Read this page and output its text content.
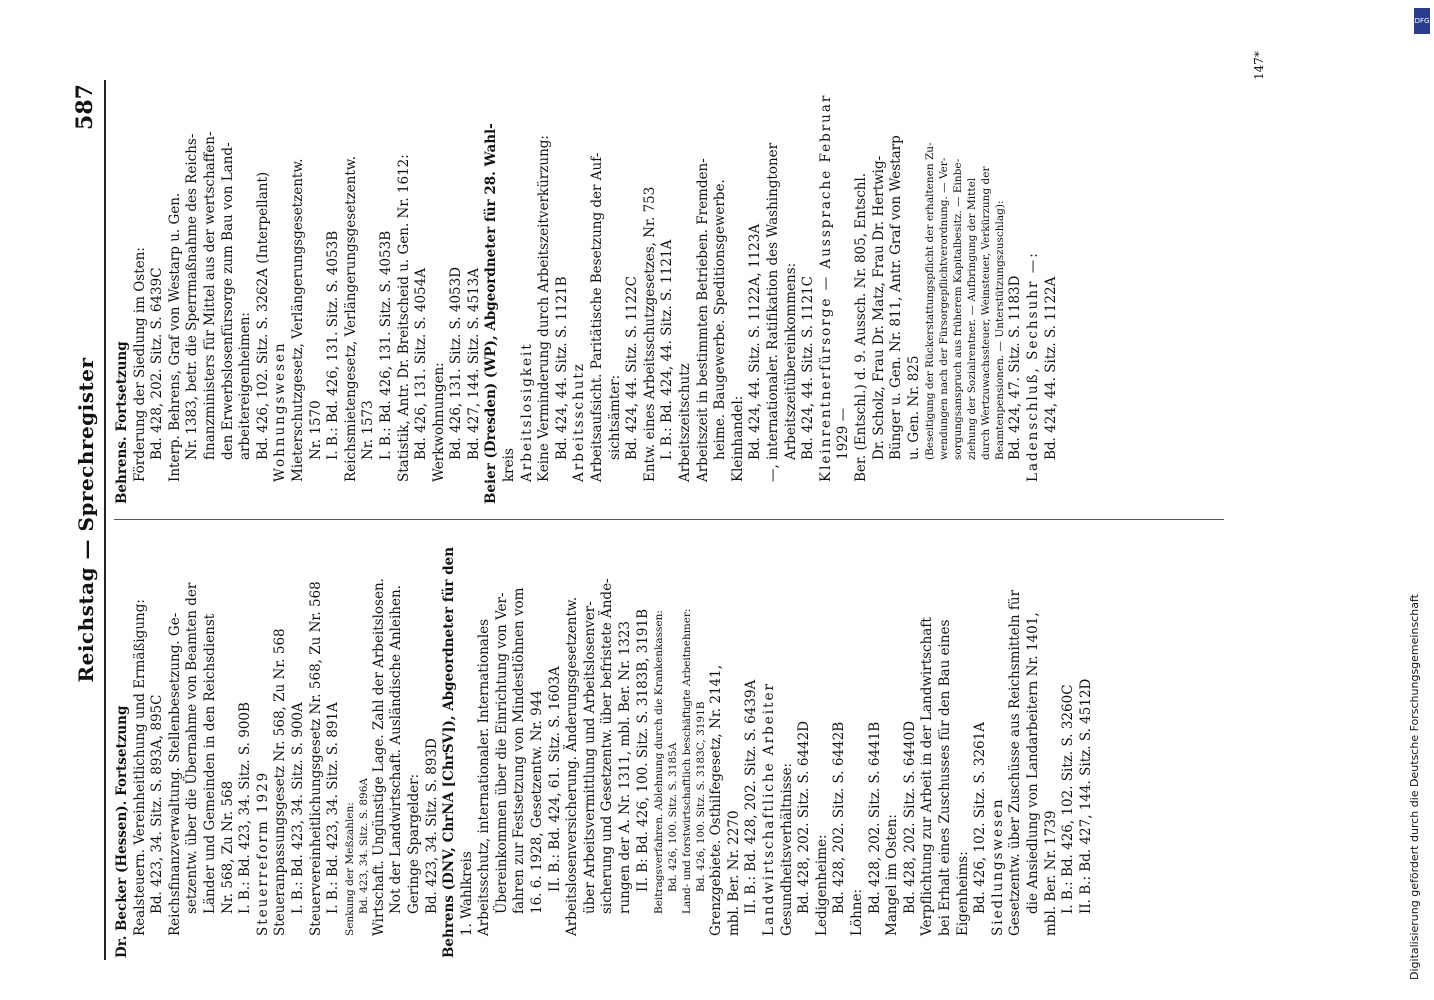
Reichstag — Sprechregister
587
Dr. Becker (Hessen). Fortsetzung Realsteuern. Vereinheitlichung und Ermäßigung: Bd. 423, 34. Sitz. S. 893A, 895C Reichsfinanzverwaltung. Stellenbesetzung. Ge- setzentw. über die Übernahme von Beamten der Länder und Gemeinden in den Reichsdienst Nr. 568, Zu Nr. 568 I. B.: Bd. 423, 34. Sitz. S. 900B Steuerreform 1929 Steueranpassungsgesetz Nr. 568, Zu Nr. 568 I. B.: Bd. 423, 34. Sitz. S. 900A Steuervereinheitlichungsgesetz Nr. 568, Zu Nr. 568 I. B.: Bd. 423, 34. Sitz. S. 891A Senkung der Meßzahlen: Bd. 423, 34. Sitz. S. 896A Wirtschaft. Ungünstige Lage. Zahl der Arbeitslosen. Not der Landwirtschaft. Ausländische Anleihen. Geringe Spargelder: Bd. 423, 34. Sitz. S. 893D Behrens (DNV, ChrNA [ChrSV]), Abgeordneter für den 1. Wahlkreis Arbeitsschutz, internationaler. Internationales Übereinkommen über die Einrichtung von Ver- fahren zur Festsetzung von Mindestlöhnen vom 16. 6. 1928, Gesetzentw. Nr. 944 II. B.: Bd. 424, 61. Sitz. S. 1603A Arbeitslosenversicherung. Änderungsgesetzentw. über Arbeitsvermittlung und Arbeitslosenver- sicherung und Gesetzentw. über befristete Ände- rungen der A. Nr. 1311, mbl. Ber. Nr. 1323 II. B: Bd. 426, 100. Sitz. S. 3183B, 3191B Beitragsverfahren. Ablehnung durch die Krankenkassen: Bd. 426, 100. Sitz. S. 3185A Land- und forstwirtschaftlich beschäftigte Arbeitnehmer: Bd. 426, 100. Sitz. S. 3183C, 3191B Grenzgebiete. Osthilfegesetz, Nr. 2141, mbl. Ber. Nr. 2270 II. B.: Bd. 428, 202. Sitz. S. 6439A Landwirtschaftliche Arbeiter Gesundheitsverhältnisse: Bd. 428, 202. Sitz. S. 6442D Ledigenheime: Bd. 428, 202. Sitz. S. 6442B Löhne: Bd. 428, 202. Sitz. S. 6441B Mangel im Osten: Bd. 428, 202. Sitz. S. 6440D Verpflichtung zur Arbeit in der Landwirtschaft bei Erhalt eines Zuschusses für den Bau eines Eigenheims: Bd. 426, 102. Sitz. S. 3261A Siedlungswesen Gesetzentw. über Zuschüsse aus Reichsmitteln für die Ansiedlung von Landarbeitern Nr. 1401, mbl. Ber. Nr. 1739 I. B.: Bd. 426, 102. Sitz. S. 3260C II. B.: Bd. 427, 144. Sitz. S. 4512D
Behrens. Fortsetzung Förderung der Siedlung im Osten: Bd. 428, 202. Sitz. S. 6439C Interp. Behrens, Graf von Westarp u. Gen. Nr. 1383, betr. die Sperrmaßnahme des Reichs- finanzministers für Mittel aus der wertschaffen- den Erwerbslosenfürsorge zum Bau von Land- arbeitereigenheimen: Bd. 426, 102. Sitz. S. 3262A (Interpellant) Wohnungswesen Mieterschutzgesetz, Verlängerungsgesetzentw. Nr. 1570 I. B.: Bd. 426, 131. Sitz. S. 4053B Reichsmietengesetz, Verlängerungsgesetzentw. Nr. 1573 I. B.: Bd. 426, 131. Sitz. S. 4053B Statistik, Antr. Dr. Breitscheid u. Gen. Nr. 1612: Bd. 426, 131. Sitz. S. 4054A Werkwohnungen: Bd. 426, 131. Sitz. S. 4053D Bd. 427, 144. Sitz. S. 4513A Beier (Dresden) (WP), Abgeordneter für 28. Wahl- kreis Arbeitslosigkeit Keine Verminderung durch Arbeitszeitverkürzung: Bd. 424, 44. Sitz. S. 1121B Arbeitsschutz Arbeitsaufsicht. Paritätische Besetzung der Auf- sichtsämter: Bd. 424, 44. Sitz. S. 1122C Entw. eines Arbeitsschutzgesetzes, Nr. 753 I. B.: Bd. 424, 44. Sitz. S. 1121A Arbeitszeitschutz Arbeitszeit in bestimmten Betrieben. Fremden- heime. Baugewerbe. Speditionsgewerbe. Kleinhandel: Bd. 424, 44. Sitz. S. 1122A, 1123A —, internationaler. Ratifikation des Washingtoner Arbeitszeitübereinkommens: Bd. 424, 44. Sitz. S. 1121C Kleinrentnerfürsorge — Aussprache Februar 1929 — Ber. (Entschl.) d. 9. Aussch. Nr. 805, Entschl. Dr. Scholz, Frau Dr. Matz, Frau Dr. Hertwig- Bünger u. Gen. Nr. 811, Antr. Graf von Westarp u. Gen. Nr. 825 (Beseitigung der Rückerstattungspflicht der erhaltenen Zu- wendungen nach der Fürsorgepflichtverordnung. — Ver- sorgungsanspruch aus früherem Kapitalbesitz. — Einbe- ziehung der Sozialrentner. — Aufbringung der Mittel durch Wertzuwachssteuer, Weinsteuer, Verkürzung der Beamtenpensionen. — Unterstützungszuschlag): Bd. 424, 47. Sitz. S. 1183D Ladenschluß, Sechsuhr —: Bd. 424, 44. Sitz. S. 1122A
147*
DFG
Digitalisierung gefördert durch die Deutsche Forschungsgemeinschaft
